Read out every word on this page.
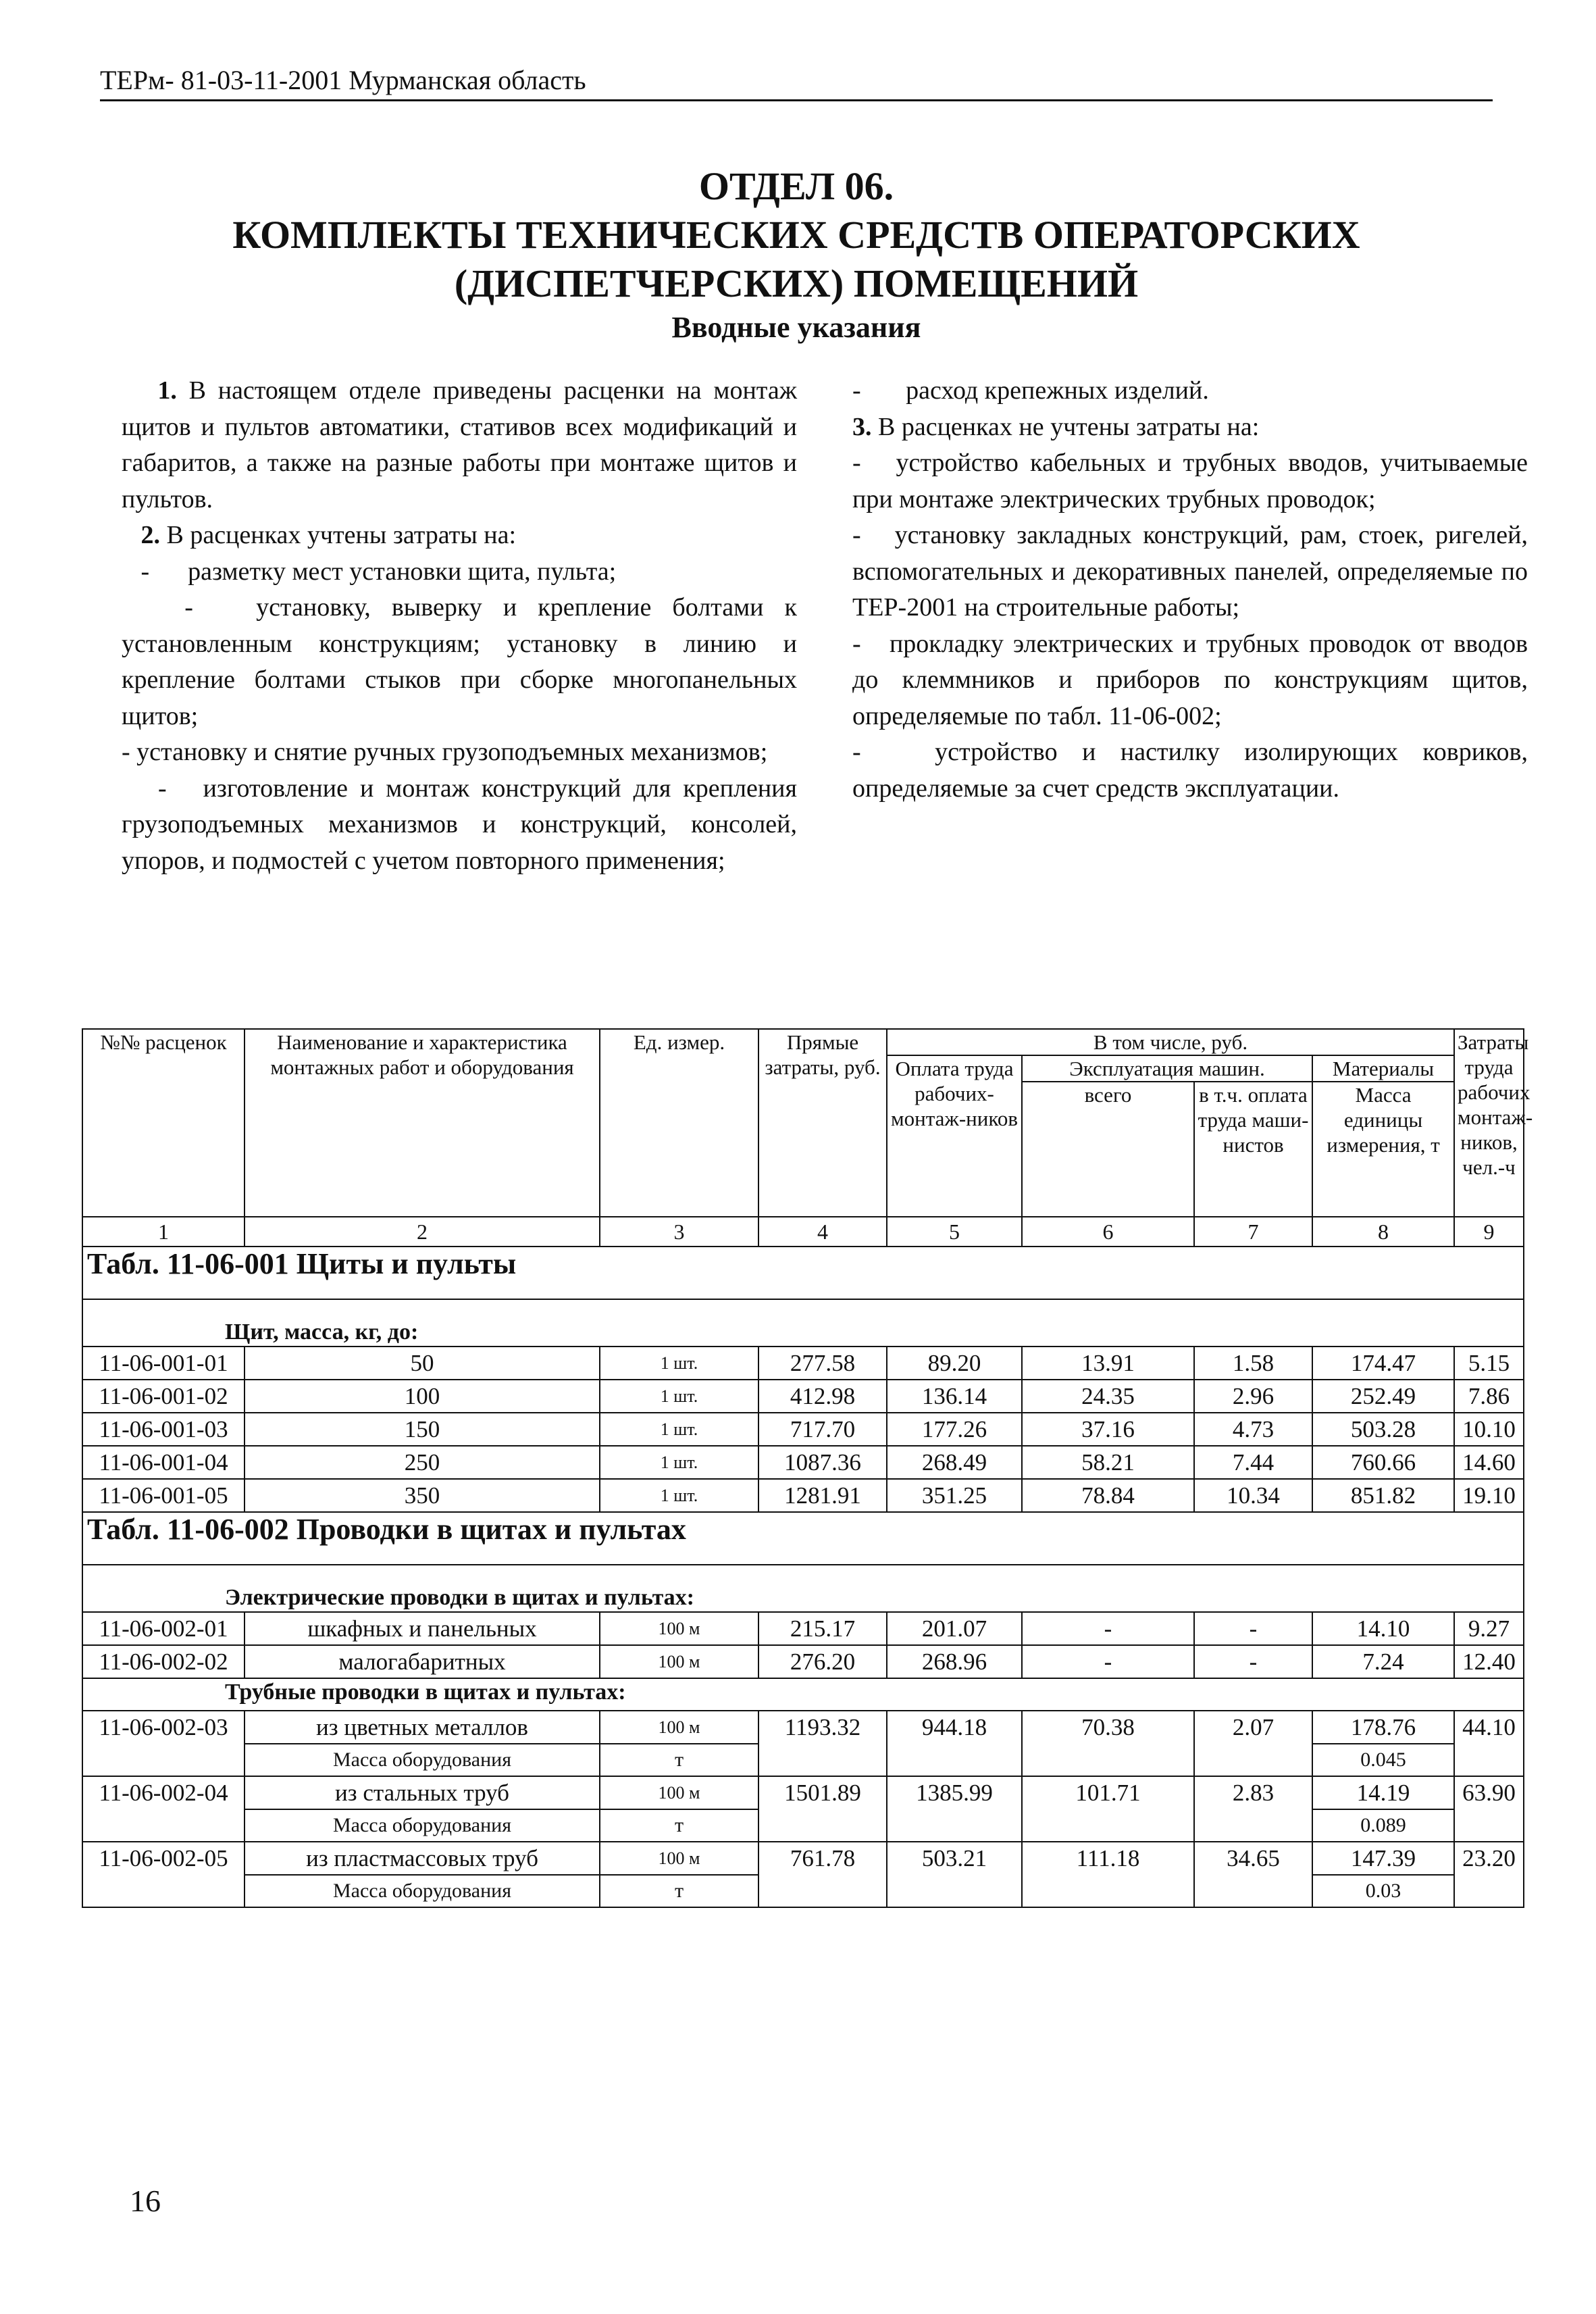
ТЕРм- 81-03-11-2001 Мурманская область
ОТДЕЛ 06.
КОМПЛЕКТЫ ТЕХНИЧЕСКИХ СРЕДСТВ ОПЕРАТОРСКИХ
(ДИСПЕТЧЕРСКИХ) ПОМЕЩЕНИЙ
Вводные указания

1. В настоящем отделе приведены расценки на монтаж щитов и пультов автоматики, стативов всех модификаций и габаритов, а также на разные работы при монтаже щитов и пультов.

2. В расценках учтены затраты на:

- разметку мест установки щита, пульта;

- установку, выверку и крепление болтами к установленным конструкциям; установку в линию и крепление болтами стыков при сборке многопанельных щитов;

- установку и снятие ручных грузоподъемных механизмов;

- изготовление и монтаж конструкций для крепления грузоподъемных механизмов и конструкций, консолей, упоров, и подмостей с учетом повторного применения;

- расход крепежных изделий.

3. В расценках не учтены затраты на:

- устройство кабельных и трубных вводов, учитываемые при монтаже электрических трубных проводок;

- установку закладных конструкций, рам, стоек, ригелей, вспомогательных и декоративных панелей, определяемые по ТЕР-2001 на строительные работы;

- прокладку электрических и трубных проводок от вводов до клеммников и приборов по конструкциям щитов, определяемые по табл. 11-06-002;

-	устройство и настилку изолирующих ковриков, определяемые за счет средств эксплуатации.

№№ расценок	Наименование и характеристика монтажных работ и оборудования	Ед. измер.	Прямые затраты, руб.	В том числе, руб.				Затраты труда рабочих монтаж-ников, чел.-ч
				Оплата труда рабочих-монтаж-ников	Эксплуатация машин.		Материалы	
					всего	в т.ч. оплата труда маши-нистов	Масса единицы измерения, т	
1	2	3	4	5	6	7	8	9
Табл. 11-06-001 Щиты и пульты								
Щит, масса, кг, до:								
11-06-001-01	50	1 шт.	277.58	89.20	13.91	1.58	174.47	5.15
11-06-001-02	100	1 шт.	412.98	136.14	24.35	2.96	252.49	7.86
11-06-001-03	150	1 шт.	717.70	177.26	37.16	4.73	503.28	10.10
11-06-001-04	250	1 шт.	1087.36	268.49	58.21	7.44	760.66	14.60
11-06-001-05	350	1 шт.	1281.91	351.25	78.84	10.34	851.82	19.10
Табл. 11-06-002 Проводки в щитах и пультах								
Электрические проводки в щитах и пультах:								
11-06-002-01	шкафных и панельных	100 м	215.17	201.07	-	-	14.10	9.27
11-06-002-02	малогабаритных	100 м	276.20	268.96	-	-	7.24	12.40
Трубные проводки в щитах и пультах:								
11-06-002-03	из цветных металлов	100 м	1193.32	944.18	70.38	2.07	178.76	44.10
	Масса оборудования	т					0.045	
11-06-002-04	из стальных труб	100 м	1501.89	1385.99	101.71	2.83	14.19	63.90
	Масса оборудования	т					0.089	
11-06-002-05	из пластмассовых труб	100 м	761.78	503.21	111.18	34.65	147.39	23.20
	Масса оборудования	т					0.03	
16
